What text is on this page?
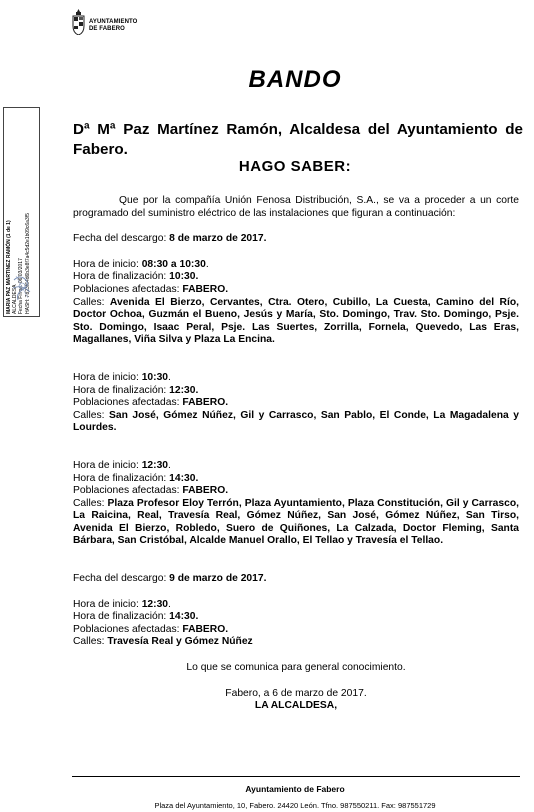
AYUNTAMIENTO
DE FABERO
MARIA PAZ MARTINEZ RAMÓN (1 de 1) ALCALDESA Fecha Firma: 06/03/2017 HASH: 7823f64d6b3e8f7a4c5d2e1b09c6a3f5
BANDO
Dª Mª Paz Martínez Ramón, Alcaldesa del Ayuntamiento de Fabero.
HAGO SABER:

Que por la compañía Unión Fenosa Distribución, S.A., se va a proceder a un corte programado del suministro eléctrico de las instalaciones que figuran a continuación:

Fecha del descargo: 8 de marzo de 2017.

Hora de inicio: 08:30 a 10:30.

Hora de finalización: 10:30.

Poblaciones afectadas: FABERO.

Calles: Avenida El Bierzo, Cervantes, Ctra. Otero, Cubillo, La Cuesta, Camino del Río, Doctor Ochoa, Guzmán el Bueno, Jesús y María, Sto. Domingo, Trav. Sto. Domingo, Psje. Sto. Domingo, Isaac Peral, Psje. Las Suertes, Zorrilla, Fornela, Quevedo, Las Eras, Magallanes, Viña Silva y Plaza La Encina.

Hora de inicio: 10:30.

Hora de finalización: 12:30.

Poblaciones afectadas: FABERO.

Calles: San José, Gómez Núñez, Gil y Carrasco, San Pablo, El Conde, La Magadalena y Lourdes.

Hora de inicio: 12:30.

Hora de finalización: 14:30.

Poblaciones afectadas: FABERO.

Calles: Plaza Profesor Eloy Terrón, Plaza Ayuntamiento, Plaza Constitución, Gil y Carrasco, La Raicina, Real, Travesía Real, Gómez Núñez, San José, Gómez Núñez, San Tirso, Avenida El Bierzo, Robledo, Suero de Quiñones, La Calzada, Doctor Fleming, Santa Bárbara, San Cristóbal, Alcalde Manuel Orallo, El Tellao y Travesía el Tellao.

Fecha del descargo: 9 de marzo de 2017.

Hora de inicio: 12:30.

Hora de finalización: 14:30.

Poblaciones afectadas: FABERO.

Calles: Travesía Real y Gómez Núñez

Lo que se comunica para general conocimiento.

Fabero, a 6 de marzo de 2017.

LA ALCALDESA,

Ayuntamiento de Fabero
Plaza del Ayuntamiento, 10, Fabero. 24420 León. Tfno. 987550211. Fax: 987551729
